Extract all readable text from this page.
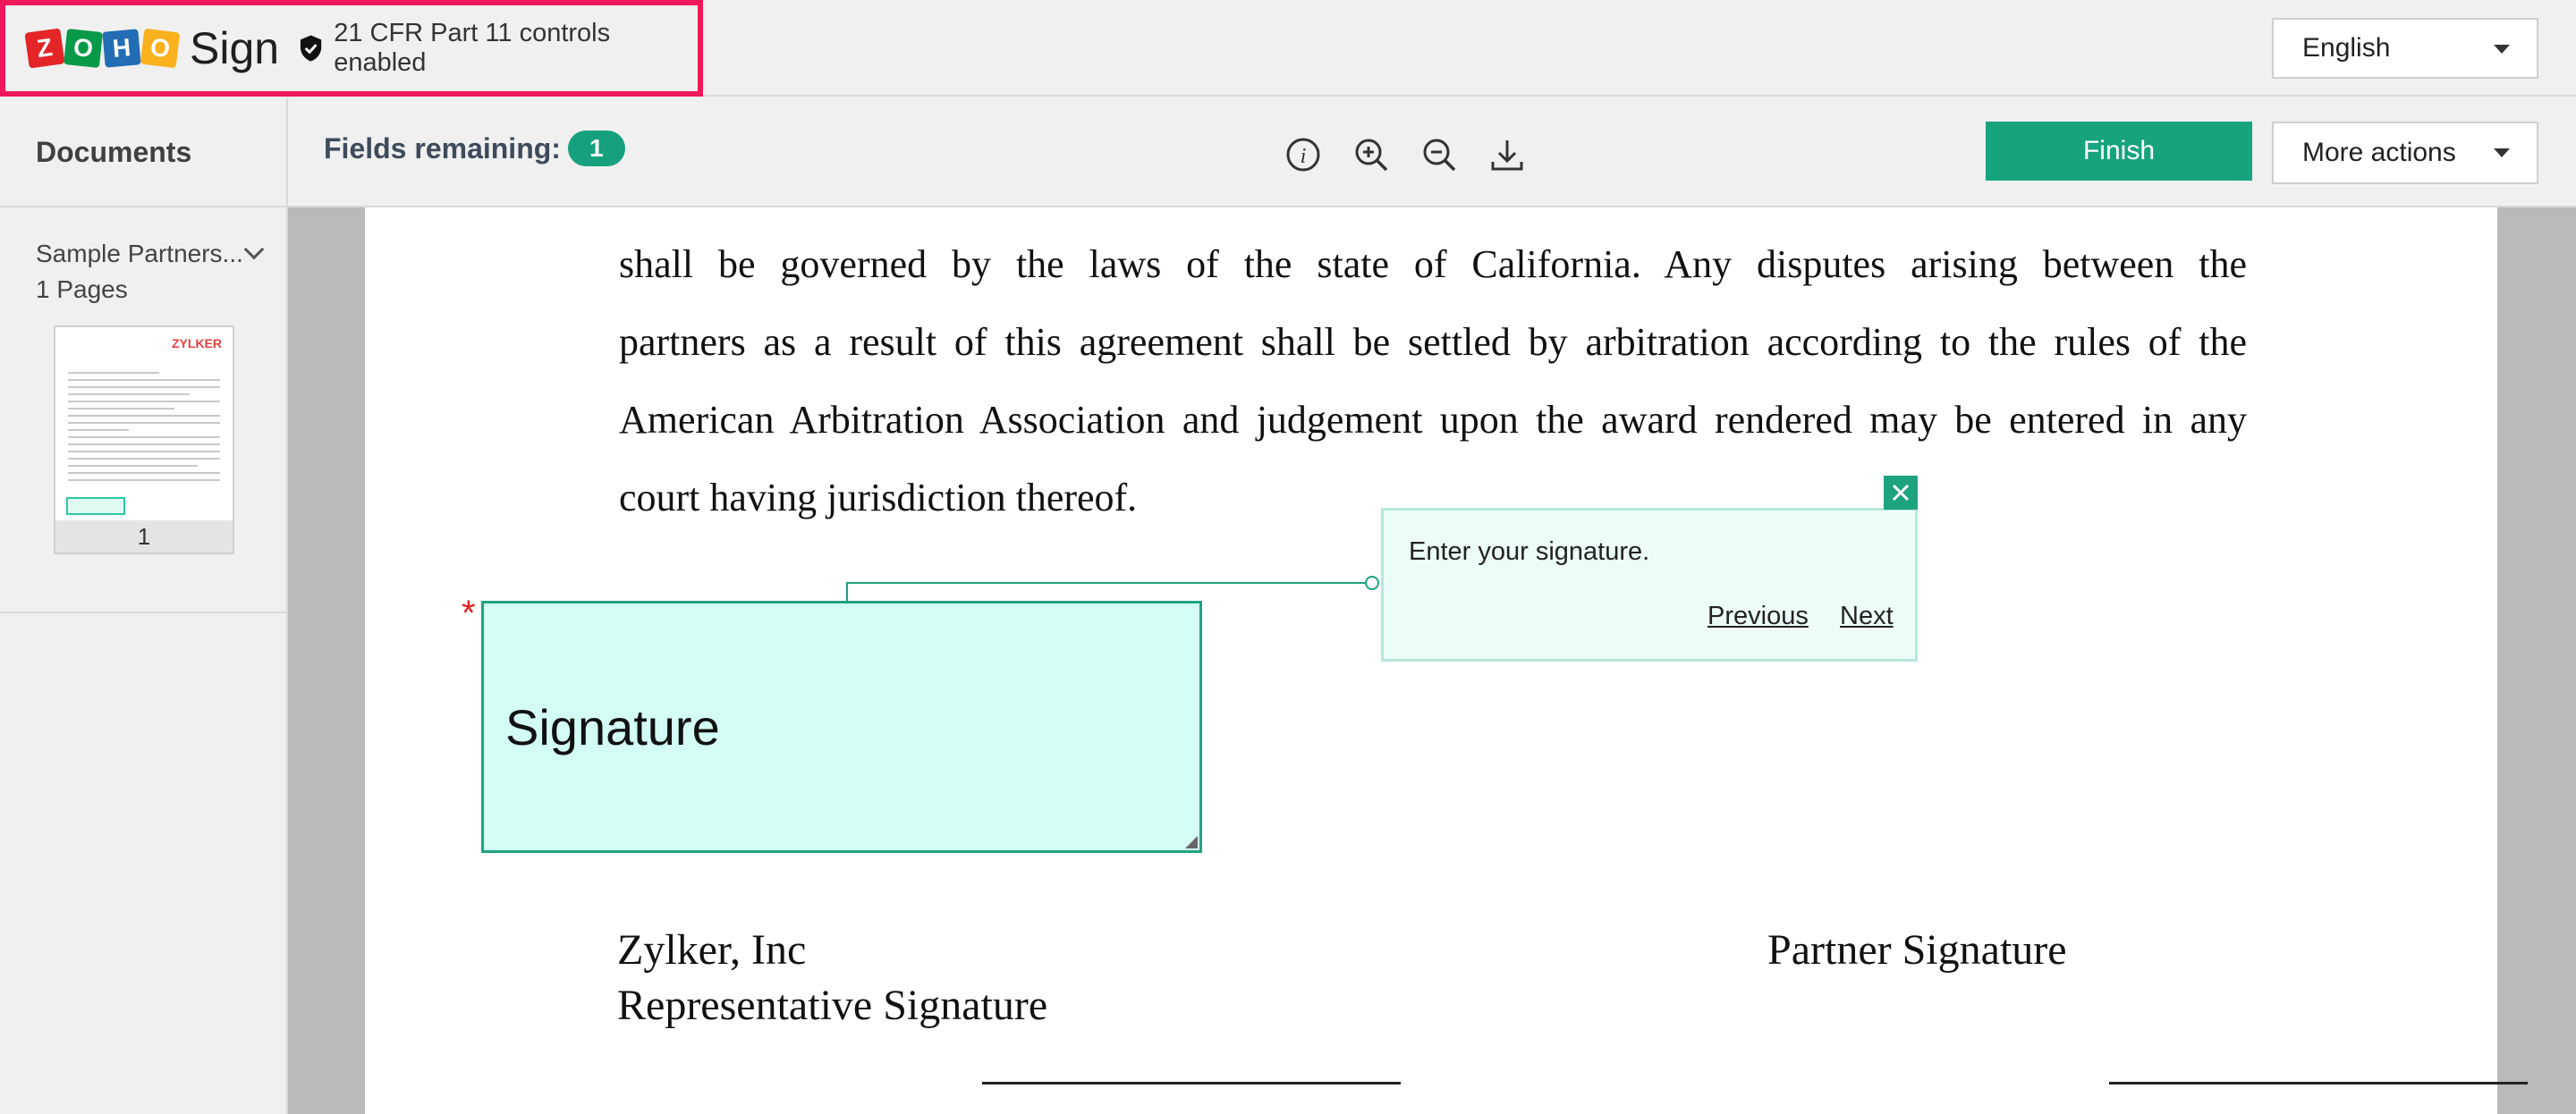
Z O H O Sign 21 CFR Part 11 controls enabled	English
Documents	Fields remaining:	1	i	Finish	More actions
Sample Partners...
1 Pages
ZYLKER
1

shall be governed by the laws of the state of California. Any disputes arising between the

partners as a result of this agreement shall be settled by arbitration according to the rules of the

American Arbitration Association and judgement upon the award rendered may be entered in any

court having jurisdiction thereof.

*
Signature
Enter your signature.
Previous Next
Zylker, Inc
Representative Signature
Partner Signature
